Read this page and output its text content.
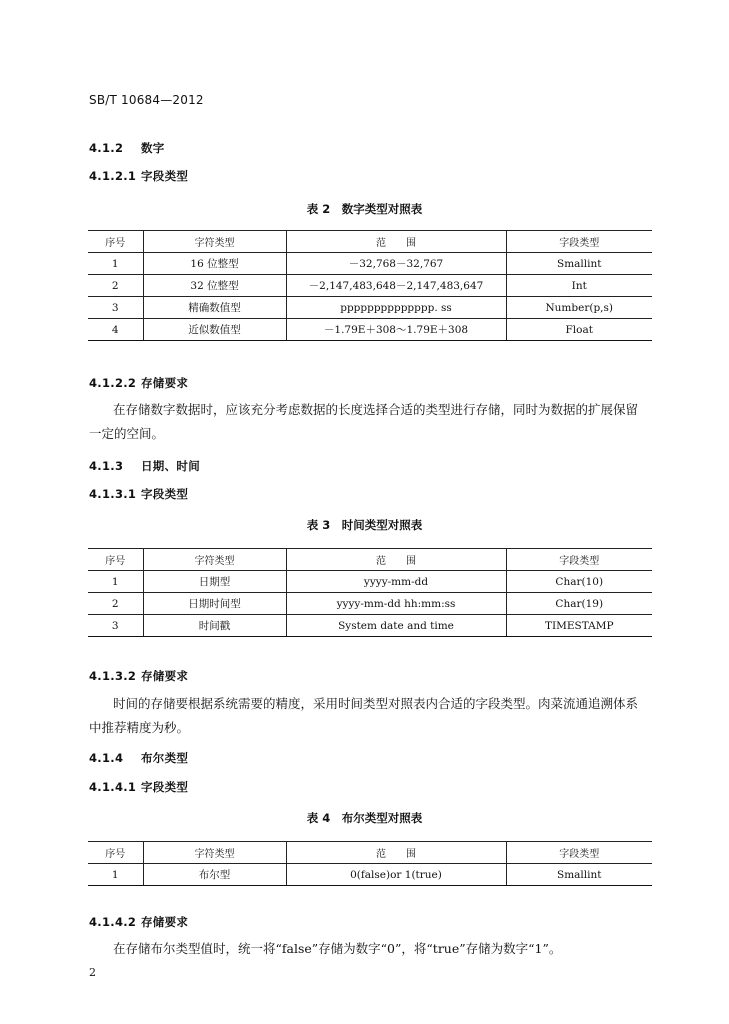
SB/T 10684—2012
4.1.2 数字
4.1.2.1 字段类型
表 2　数字类型对照表
序号	字符类型	范　　围	字段类型
1	16 位整型	－32,768－32,767	Smallint
2	32 位整型	－2,147,483,648－2,147,483,647	Int
3	精确数值型	pppppppppppppp. ss	Number(p,s)
4	近似数值型	－1.79E＋308～1.79E＋308	Float
4.1.2.2 存储要求
在存储数字数据时，应该充分考虑数据的长度选择合适的类型进行存储，同时为数据的扩展保留一定的空间。
4.1.3 日期、时间
4.1.3.1 字段类型
表 3　时间类型对照表
序号	字符类型	范　　围	字段类型
1	日期型	yyyy-mm-dd	Char(10)
2	日期时间型	yyyy-mm-dd hh:mm:ss	Char(19)
3	时间戳	System date and time	TIMESTAMP
4.1.3.2 存储要求
时间的存储要根据系统需要的精度，采用时间类型对照表内合适的字段类型。肉菜流通追溯体系中推荐精度为秒。
4.1.4 布尔类型
4.1.4.1 字段类型
表 4　布尔类型对照表
序号	字符类型	范　　围	字段类型
1	布尔型	0(false)or 1(true)	Smallint
4.1.4.2 存储要求
在存储布尔类型值时，统一将“false”存储为数字“0”，将“true”存储为数字“1”。
2
